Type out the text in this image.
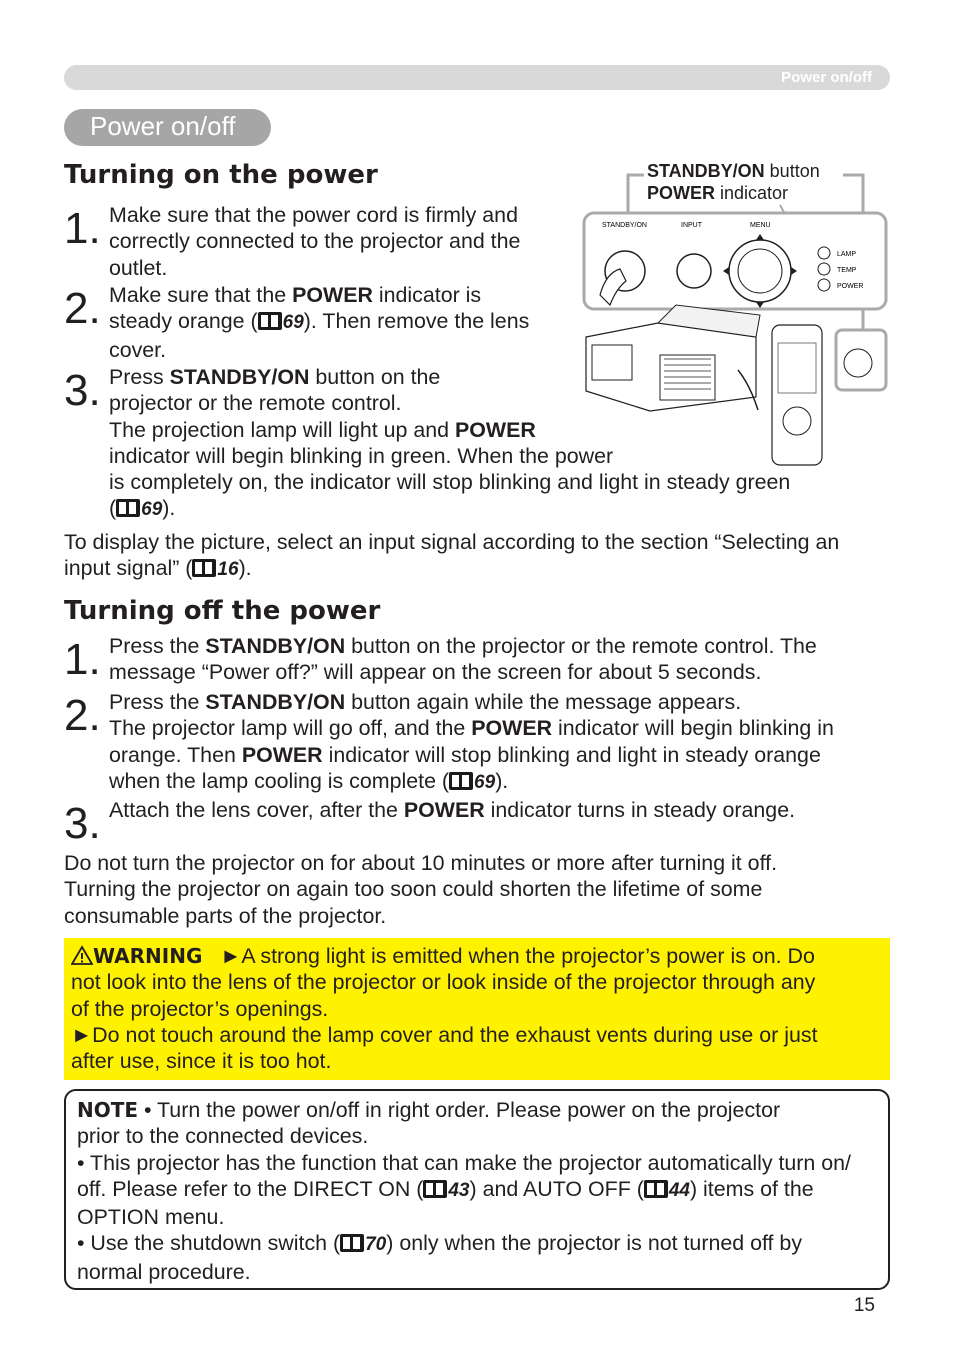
Power on/off
Power on/off
Turning on the power
1. Make sure that the power cord is firmly and
correctly connected to the projector and the
outlet.
2. Make sure that the POWER indicator is
steady orange ( 69). Then remove the lens
cover.
3. Press STANDBY/ON button on the
projector or the remote control.
The projection lamp will light up and POWER
indicator will begin blinking in green. When the power
is completely on, the indicator will stop blinking and light in steady green
( 69).
To display the picture, select an input signal according to the section “Selecting an
input signal” ( 16).
STANDBY/ON button
POWER indicator
STANDBY/ON	INPUT	MENU
LAMP
TEMP
POWER
Turning off the power
1. Press the STANDBY/ON button on the projector or the remote control. The
message “Power off?” will appear on the screen for about 5 seconds.
2. Press the STANDBY/ON button again while the message appears.
The projector lamp will go off, and the POWER indicator will begin blinking in
orange. Then POWER indicator will stop blinking and light in steady orange
when the lamp cooling is complete ( 69).
3. Attach the lens cover, after the POWER indicator turns in steady orange.
Do not turn the projector on for about 10 minutes or more after turning it off.
Turning the projector on again too soon could shorten the lifetime of some
consumable parts of the projector.
WARNING ►A strong light is emitted when the projector’s power is on. Do
not look into the lens of the projector or look inside of the projector through any
of the projector’s openings.
►Do not touch around the lamp cover and the exhaust vents during use or just
after use, since it is too hot.
NOTE • Turn the power on/off in right order. Please power on the projector
prior to the connected devices.
• This projector has the function that can make the projector automatically turn on/
off. Please refer to the DIRECT ON ( 43) and AUTO OFF ( 44) items of the
OPTION menu.
• Use the shutdown switch ( 70) only when the projector is not turned off by
normal procedure.
15
